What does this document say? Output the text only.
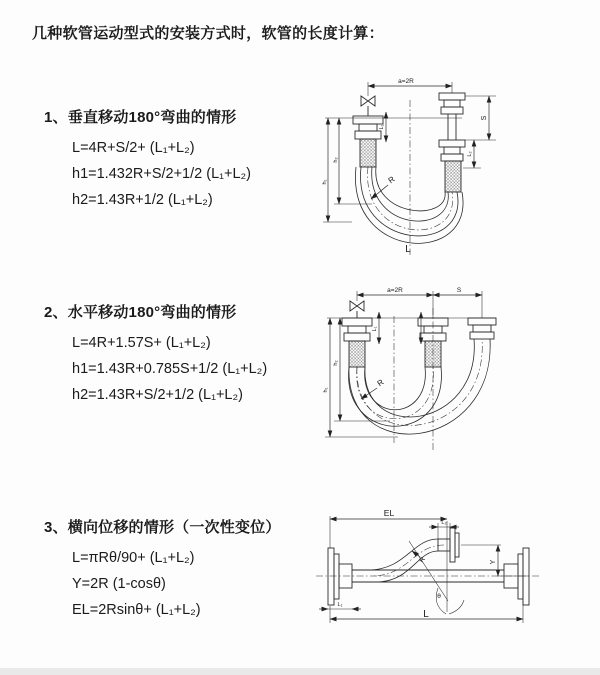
几种软管运动型式的安装方式时，软管的长度计算：
1、垂直移动180°弯曲的情形
L=4R+S/2+ (L₁+L₂)
h1=1.432R+S/2+1/2 (L₁+L₂)
h2=1.43R+1/2 (L₁+L₂)
2、水平移动180°弯曲的情形
L=4R+1.57S+ (L₁+L₂)
h1=1.43R+0.785S+1/2 (L₁+L₂)
h2=1.43R+S/2+1/2 (L₁+L₂)
3、横向位移的情形（一次性变位）
L=πRθ/90+ (L₁+L₂)
Y=2R (1-cosθ)
EL=2Rsinθ+ (L₁+L₂)
a=2R
S
L₂
L₁
h₁
h₂
R
L
a=2R	S
h₁
h₂
L₁
R
EL
L₂
Y
R
θ
L
L₁
